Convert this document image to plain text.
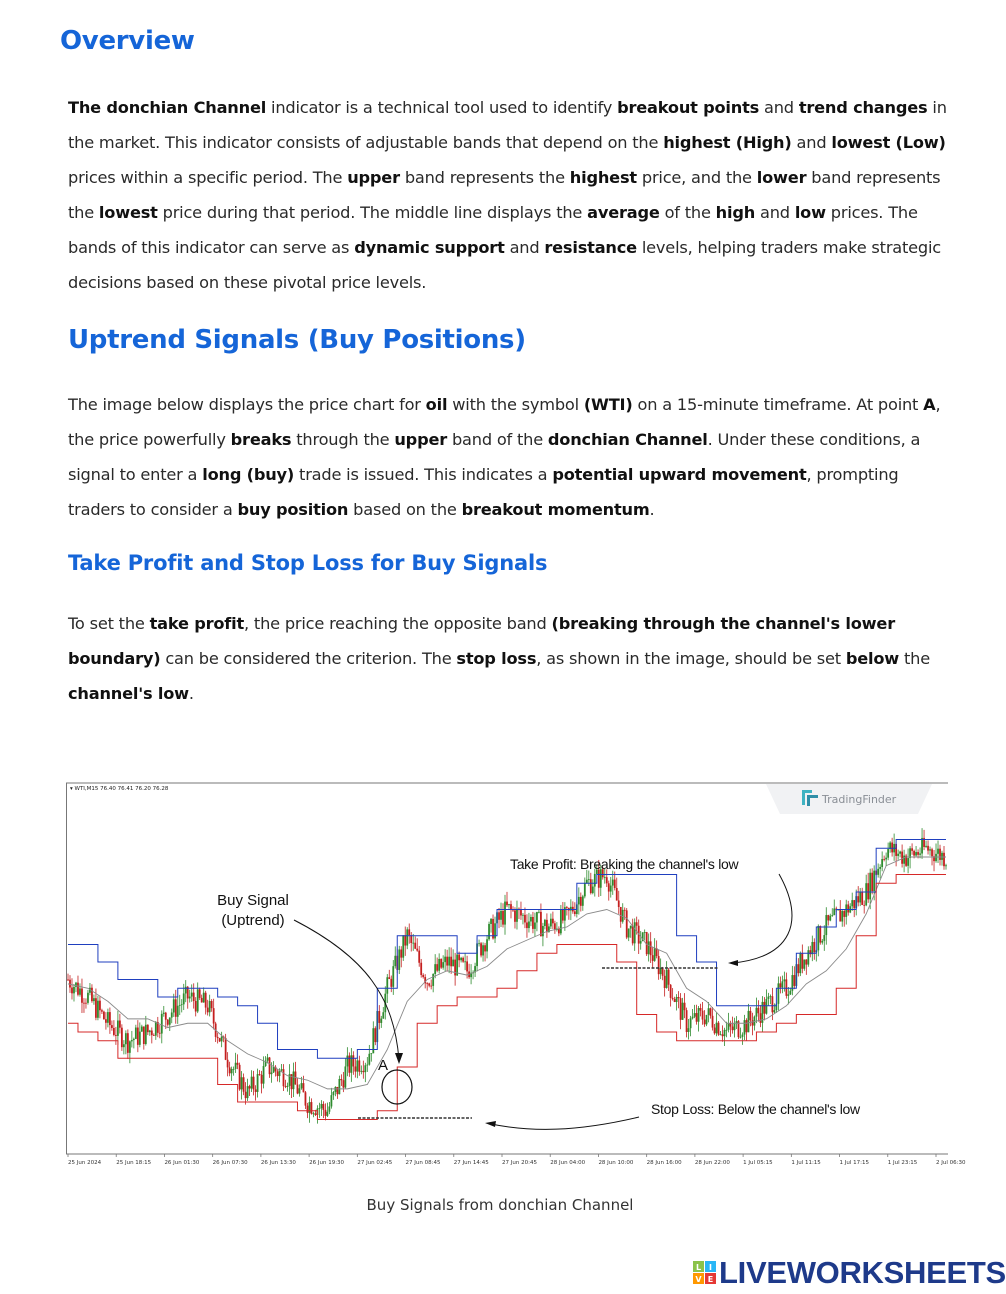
Overview

The donchian Channel indicator is a technical tool used to identify breakout points and trend changes in the market. This indicator consists of adjustable bands that depend on the highest (High) and lowest (Low) prices within a specific period. The upper band represents the highest price, and the lower band represents the lowest price during that period. The middle line displays the average of the high and low prices. The bands of this indicator can serve as dynamic support and resistance levels, helping traders make strategic decisions based on these pivotal price levels.

Uptrend Signals (Buy Positions)

The image below displays the price chart for oil with the symbol (WTI) on a 15-minute timeframe. At point A, the price powerfully breaks through the upper band of the donchian Channel. Under these conditions, a signal to enter a long (buy) trade is issued. This indicates a potential upward movement, prompting traders to consider a buy position based on the breakout momentum.

Take Profit and Stop Loss for Buy Signals

To set the take profit, the price reaching the opposite band (breaking through the channel's lower boundary) can be considered the criterion. The stop loss, as shown in the image, should be set below the channel's low.

25 Jun 2024	25 Jun 18:15 26 Jun 01:30 26 Jun 07:30 26 Jun 13:30 26 Jun 19:30 27 Jun 02:45 27 Jun 08:45 27 Jun 14:45 27 Jun 20:45 28 Jun 04:00 28 Jun 10:00 28 Jun 16:00 28 Jun 22:00 1 Jul 05:15	1 Jul 11:15	1 Jul 17:15	1 Jul 23:15	2 Jul 06:30
▾ WTI,M15 76.40 76.41 76.20 76.28
TradingFinder
Buy Signal
(Uptrend)
A
Take Profit: Breaking the channel's low
Stop Loss: Below the channel's low

Buy Signals from donchian Channel

L I
V E LIVEWORKSHEETS
